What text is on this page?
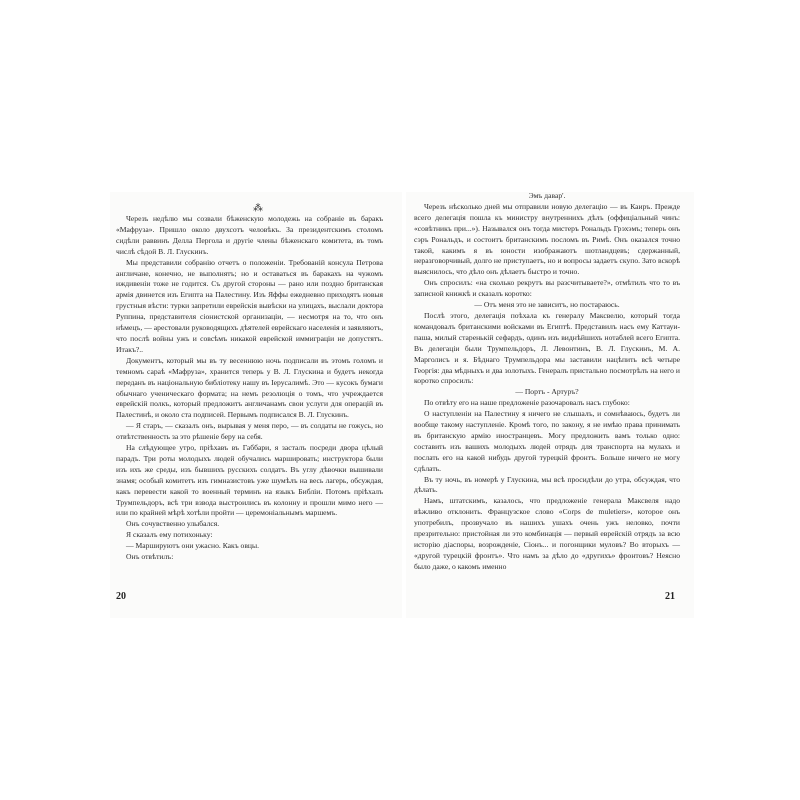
⁂

Черезъ недѣлю мы созвали бѣженскую молодежь на собраніе въ баракъ «Мафруза». Пришло около двухсотъ человѣкъ. За президентскимъ столомъ сидѣли раввинъ Делла Пергола и другіе члены бѣженскаго комитета, въ томъ числѣ сѣдой В. Л. Глускинъ.

Мы представили собранію отчетъ о положеніи. Требованій консула Петрова англичане, конечно, не выполнятъ; но и оставаться въ баракахъ на чужомъ иждивеніи тоже не годится. Съ другой стороны — рано или поздно британская армія двинется изъ Египта на Палестину. Изъ Яффы ежедневно приходятъ новыя грустныя вѣсти: турки запретили еврейскія вывѣски на улицахъ, выслали доктора Руппина, представителя сіонистской организаціи, — несмотря на то, что онъ нѣмецъ, — арестовали руководящихъ дѣятелей еврейскаго населенія и заявляютъ, что послѣ войны ужъ и совсѣмъ никакой еврейской иммиграціи не допустятъ. Итакъ?..

Документъ, который мы въ ту весеннюю ночь подписали въ этомъ голомъ и темномъ сараѣ «Мафруза», хранится теперь у В. Л. Глускина и будетъ некогда переданъ въ національную библіотеку нашу въ Іерусалимѣ. Это — кусокъ бумаги обычнаго ученическаго формата; на немъ резолюція о томъ, что учреждается еврейскій полкъ, который предложитъ англичанамъ свои услуги для операцій въ Палестинѣ, и около ста подписей. Первымъ подписался В. Л. Глускинъ.

— Я старъ, — сказалъ онъ, вырывая у меня перо, — въ солдаты не гожусь, но отвѣтственность за это рѣшеніе беру на себя.

На слѣдующее утро, пріѣхавъ въ Габбари, я засталъ посреди двора цѣлый парадъ. Три роты молодыхъ людей обучались маршировать; инструктора были изъ ихъ же среды, изъ бывшихъ русскихъ солдатъ. Въ углу дѣвочки вышивали знамя; особый комитетъ изъ гимназистовъ уже шумѣлъ на весь лагерь, обсуждая, какъ перевести какой то военный терминъ на языкъ Библіи. Потомъ пріѣхалъ Трумпельдоръ, всѣ три взвода выстроились въ колонну и прошли мимо него — или по крайней мѣрѣ хотѣли пройти — церемоніальнымъ маршемъ.

Онъ сочувственно улыбался.

Я сказалъ ему потихоньку:

— Маршируютъ они ужасно. Какъ овцы.

Онъ отвѣтилъ:

Эмъ давар'.

Черезъ нѣсколько дней мы отправили новую делегацію — въ Каиръ. Прежде всего делегація пошла къ министру внутреннихъ дѣлъ (оффиціальный чинъ: «совѣтникъ при...»). Назывался онъ тогда мистеръ Рональдъ Грэхэмъ; теперь онъ сэръ Рональдъ, и состоитъ британскимъ посломъ въ Римѣ. Онъ оказался точно такой, какимъ я въ юности изображаютъ шотландцевъ; сдержанный, неразговорчивый, долго не приступаетъ, но и вопросы задаетъ скупо. Зато вскорѣ выяснилось, что дѣло онъ дѣлаетъ быстро и точно.

Онъ спросилъ: «на сколько рекрутъ вы разсчитываете?», отмѣтилъ что то въ записной книжкѣ и сказалъ коротко:

— Отъ меня это не зависитъ, но постараюсь.

Послѣ этого, делегація поѣхала къ генералу Максвелю, который тогда командовалъ британскими войсками въ Египтѣ. Представилъ насъ ему Каттауи-паша, милый старенькій сефардъ, одинъ изъ виднѣйшихъ нотаблей всего Египта. Въ делегаціи были Трумпельдоръ, Л. Левонтинъ, В. Л. Глускинъ, М. А. Марголисъ и я. Бѣднаго Трумпельдора мы заставили нацѣпить всѣ четыре Георгія: два мѣдныхъ и два золотыхъ. Генералъ пристально посмотрѣлъ на него и коротко спросилъ:

— Портъ - Артуръ?

По отвѣту его на наше предложеніе разочаровалъ насъ глубоко:

О наступленіи на Палестину я ничего не слышалъ, и сомнѣваюсь, будетъ ли вообще такому наступленіе. Кромѣ того, по закону, я не имѣю права принимать въ британскую армію иностранцевъ. Могу предложить вамъ только одно: составить изъ вашихъ молодыхъ людей отрядъ для транспорта на мулахъ и послать его на какой нибудь другой турецкій фронтъ. Больше ничего не могу сдѣлать.

Въ ту ночь, въ номерѣ у Глускина, мы всѣ просидѣли до утра, обсуждая, что дѣлать.

Намъ, штатскимъ, казалось, что предложеніе генерала Максвеля надо вѣжливо отклонить. Французское слово «Corps de muletiers», которое онъ употребилъ, прозвучало въ нашихъ ушахъ очень ужъ неловко, почти презрительно: пристойная ли это комбинація — первый еврейскій отрядъ за всю исторію діаспоры, возрожденіе, Сіонъ... и погонщики муловъ? Во вторыхъ — «другой турецкій фронтъ». Что намъ за дѣло до «другихъ» фронтовъ? Неясно было даже, о какомъ именно

20	21
